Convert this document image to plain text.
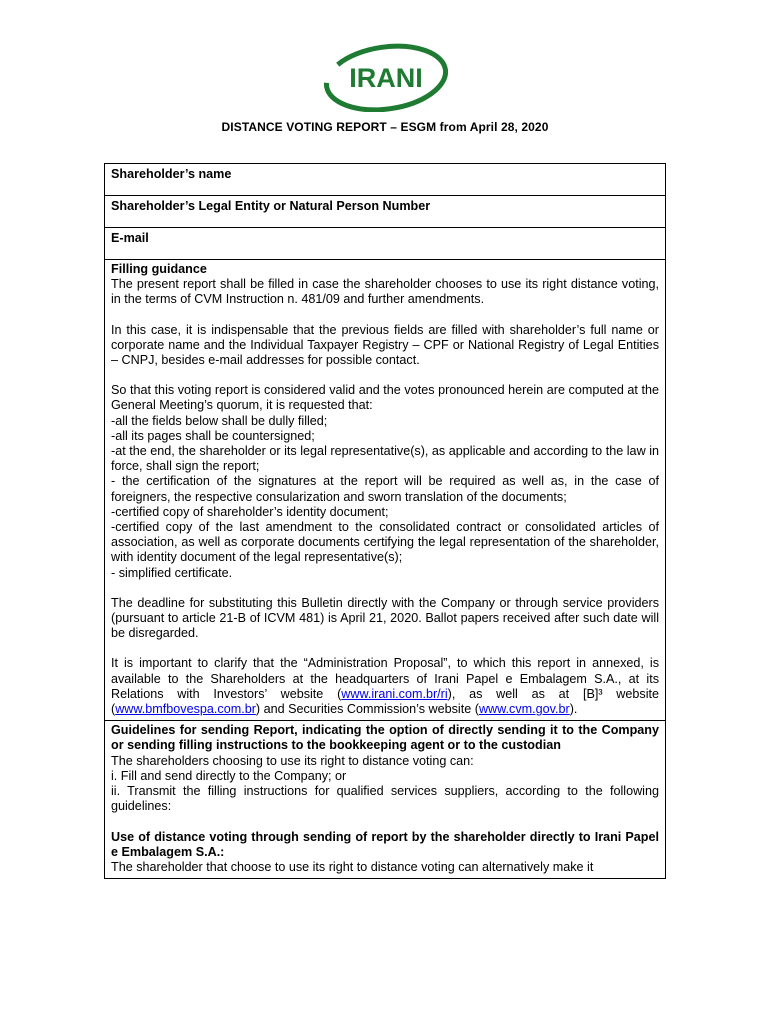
IRANI
DISTANCE VOTING REPORT – ESGM from April 28, 2020
Shareholder’s name
Shareholder’s Legal Entity or Natural Person Number
E-mail

Filling guidance

The present report shall be filled in case the shareholder chooses to use its right distance voting, in the terms of CVM Instruction n. 481/09 and further amendments.

In this case, it is indispensable that the previous fields are filled with shareholder’s full name or corporate name and the Individual Taxpayer Registry – CPF or National Registry of Legal Entities – CNPJ, besides e-mail addresses for possible contact.

So that this voting report is considered valid and the votes pronounced herein are computed at the General Meeting’s quorum, it is requested that:

-all the fields below shall be dully filled;

-all its pages shall be countersigned;

-at the end, the shareholder or its legal representative(s), as applicable and according to the law in force, shall sign the report;

- the certification of the signatures at the report will be required as well as, in the case of foreigners, the respective consularization and sworn translation of the documents;

-certified copy of shareholder’s identity document;

-certified copy of the last amendment to the consolidated contract or consolidated articles of association, as well as corporate documents certifying the legal representation of the shareholder, with identity document of the legal representative(s);

- simplified certificate.

The deadline for substituting this Bulletin directly with the Company or through service providers (pursuant to article 21-B of ICVM 481) is April 21, 2020. Ballot papers received after such date will be disregarded.

It is important to clarify that the “Administration Proposal”, to which this report in annexed, is available to the Shareholders at the headquarters of Irani Papel e Embalagem S.A., at its Relations with Investors’ website (www.irani.com.br/ri), as well as at [B]³ website (www.bmfbovespa.com.br) and Securities Commission’s website (www.cvm.gov.br).

Guidelines for sending Report, indicating the option of directly sending it to the Company or sending filling instructions to the bookkeeping agent or to the custodian

The shareholders choosing to use its right to distance voting can:

i. Fill and send directly to the Company; or

ii. Transmit the filling instructions for qualified services suppliers, according to the following guidelines:

Use of distance voting through sending of report by the shareholder directly to Irani Papel e Embalagem S.A.:

The shareholder that choose to use its right to distance voting can alternatively make it
